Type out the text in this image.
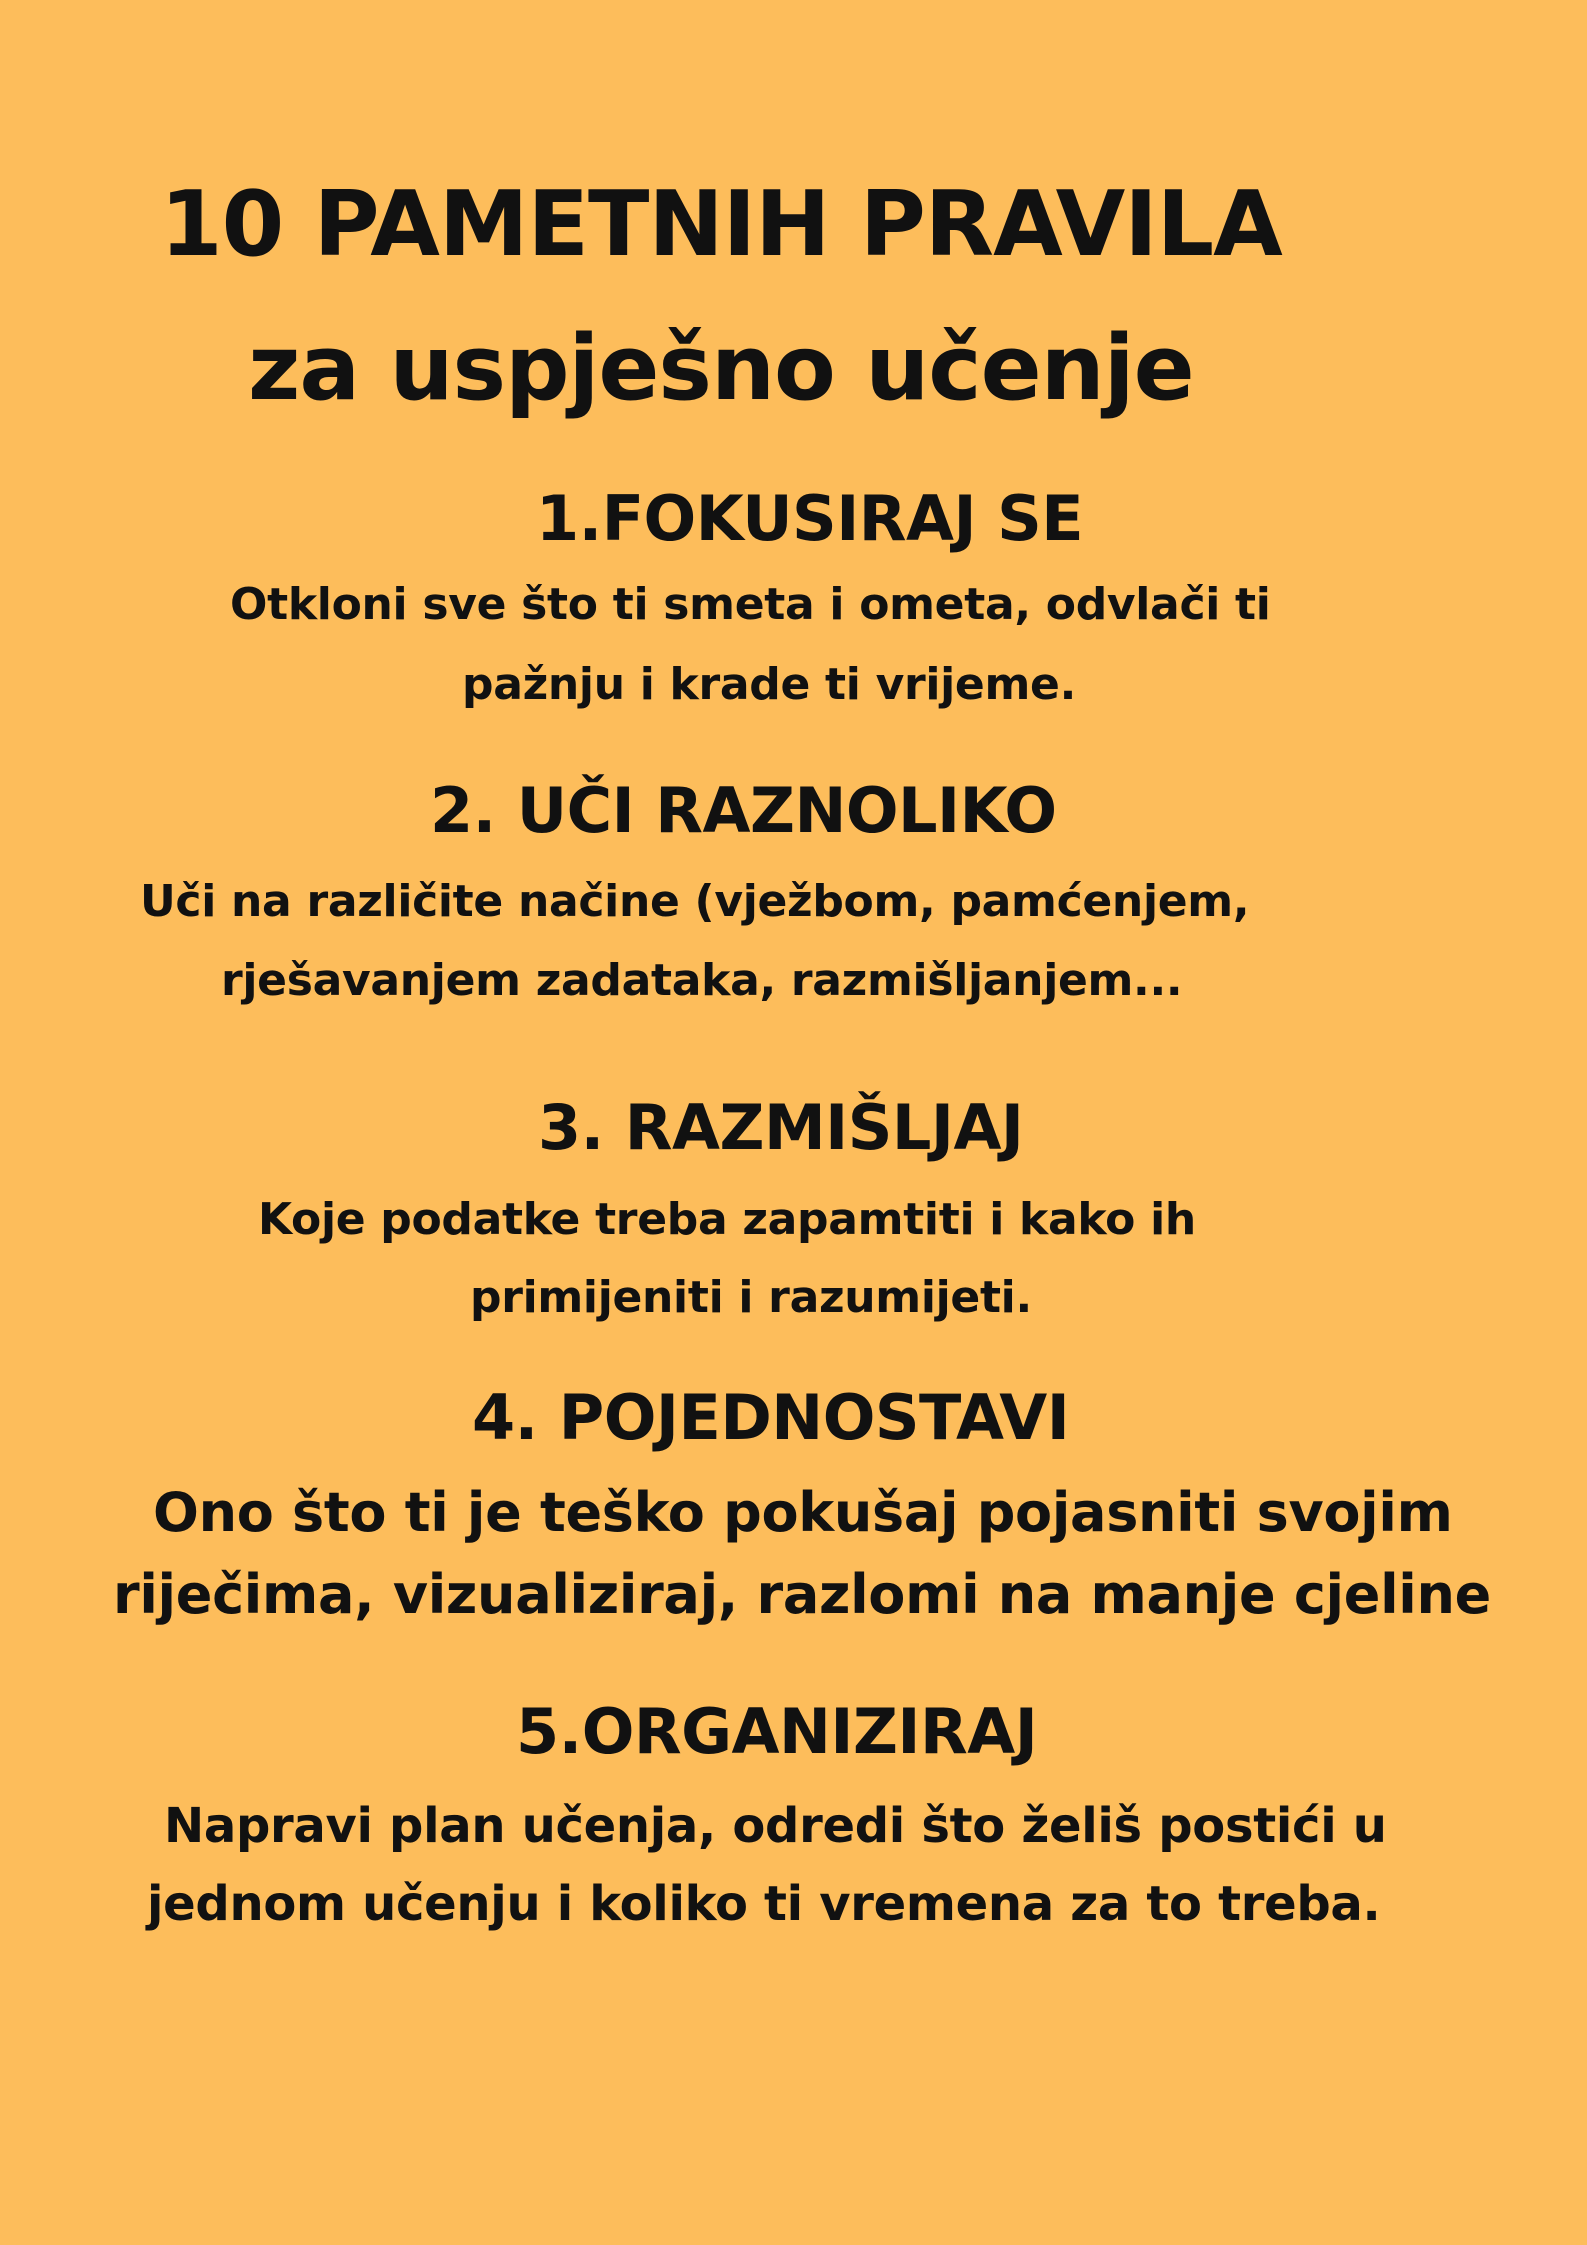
10 PAMETNIH PRAVILA
za uspješno učenje
1.FOKUSIRAJ SE

Otkloni sve što ti smeta i ometa, odvlači ti
pažnju i krade ti vrijeme.

2. UČI RAZNOLIKO

Uči na različite načine (vježbom, pamćenjem,
rješavanjem zadataka, razmišljanjem...

3. RAZMIŠLJAJ

Koje podatke treba zapamtiti i kako ih
primijeniti i razumijeti.

4. POJEDNOSTAVI

Ono što ti je teško pokušaj pojasniti svojim
riječima, vizualiziraj, razlomi na manje cjeline

5.ORGANIZIRAJ

Napravi plan učenja, odredi što želiš postići u
jednom učenju i koliko ti vremena za to treba.
